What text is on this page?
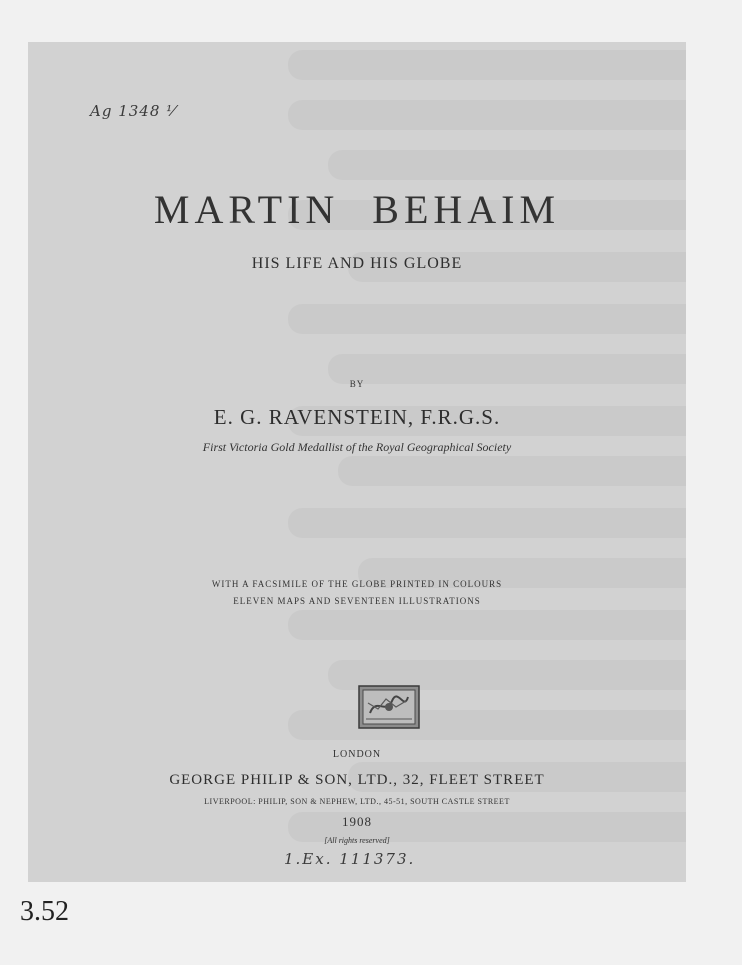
Ag 1348 ⅟
MARTIN BEHAIM
HIS LIFE AND HIS GLOBE
BY
E. G. RAVENSTEIN, F.R.G.S.
First Victoria Gold Medallist of the Royal Geographical Society
WITH A FACSIMILE OF THE GLOBE PRINTED IN COLOURS
ELEVEN MAPS AND SEVENTEEN ILLUSTRATIONS
LONDON
GEORGE PHILIP & SON, LTD., 32, FLEET STREET
LIVERPOOL: PHILIP, SON & NEPHEW, LTD., 45-51, SOUTH CASTLE STREET
1908
[All rights reserved]
1.Ex. 111373.
3.52
